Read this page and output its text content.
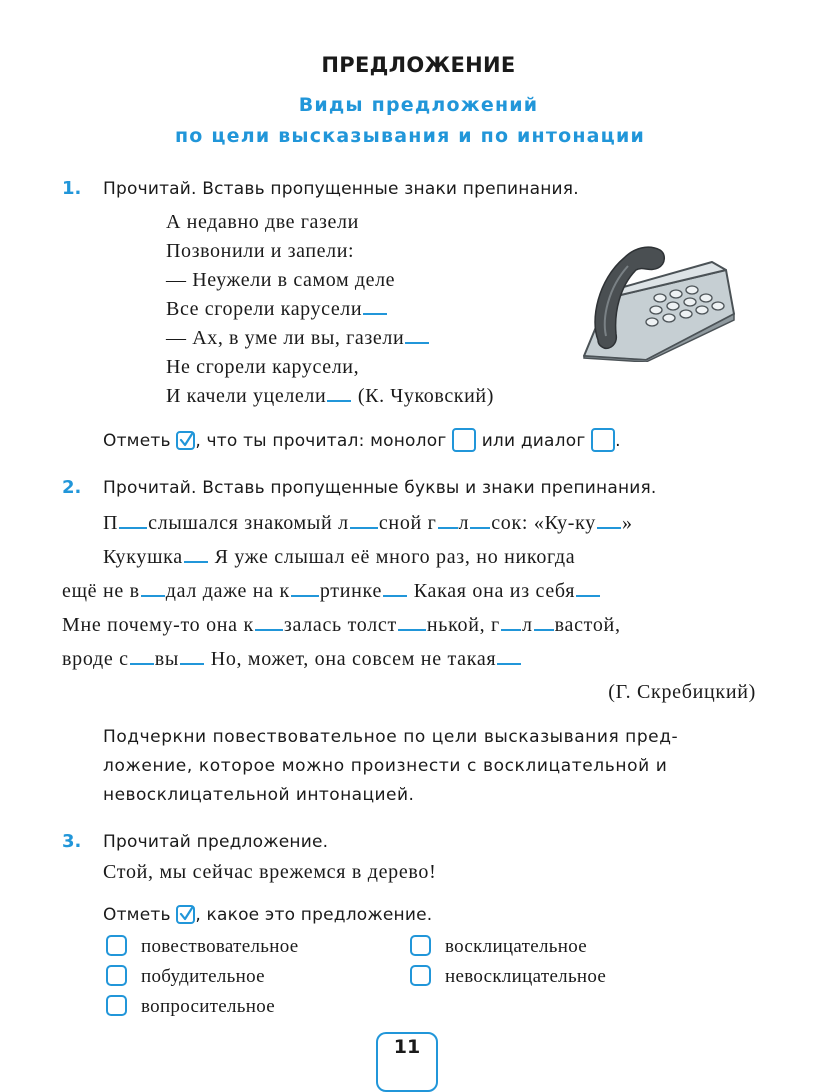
ПРЕДЛОЖЕНИЕ
Виды предложений
по цели высказывания и по интонации
1. Прочитай. Вставь пропущенные знаки препинания.
А недавно две газели
Позвонили и запели:
— Неужели в самом деле
Все сгорели карусели
— Ах, в уме ли вы, газели
Не сгорели карусели,
И качели уцелели (К. Чуковский)
Отметь , что ты прочитал: монолог или диалог .
2. Прочитай. Вставь пропущенные буквы и знаки препинания.
П слышался знакомый л сной г л сок: «Ку-ку »
Кукушка Я уже слышал её много раз, но никогда
ещё не в дал даже на к ртинке Какая она из себя
Мне почему-то она к залась толст нькой, г л вастой,
вроде с вы Но, может, она совсем не такая
(Г. Скребицкий)
Подчеркни повествовательное по цели высказывания пред-
ложение, которое можно произнести с восклицательной и
невосклицательной интонацией.
3. Прочитай предложение.
Стой, мы сейчас врежемся в дерево!
Отметь , какое это предложение.
повествовательное
побудительное
вопросительное
восклицательное
невосклицательное
11
